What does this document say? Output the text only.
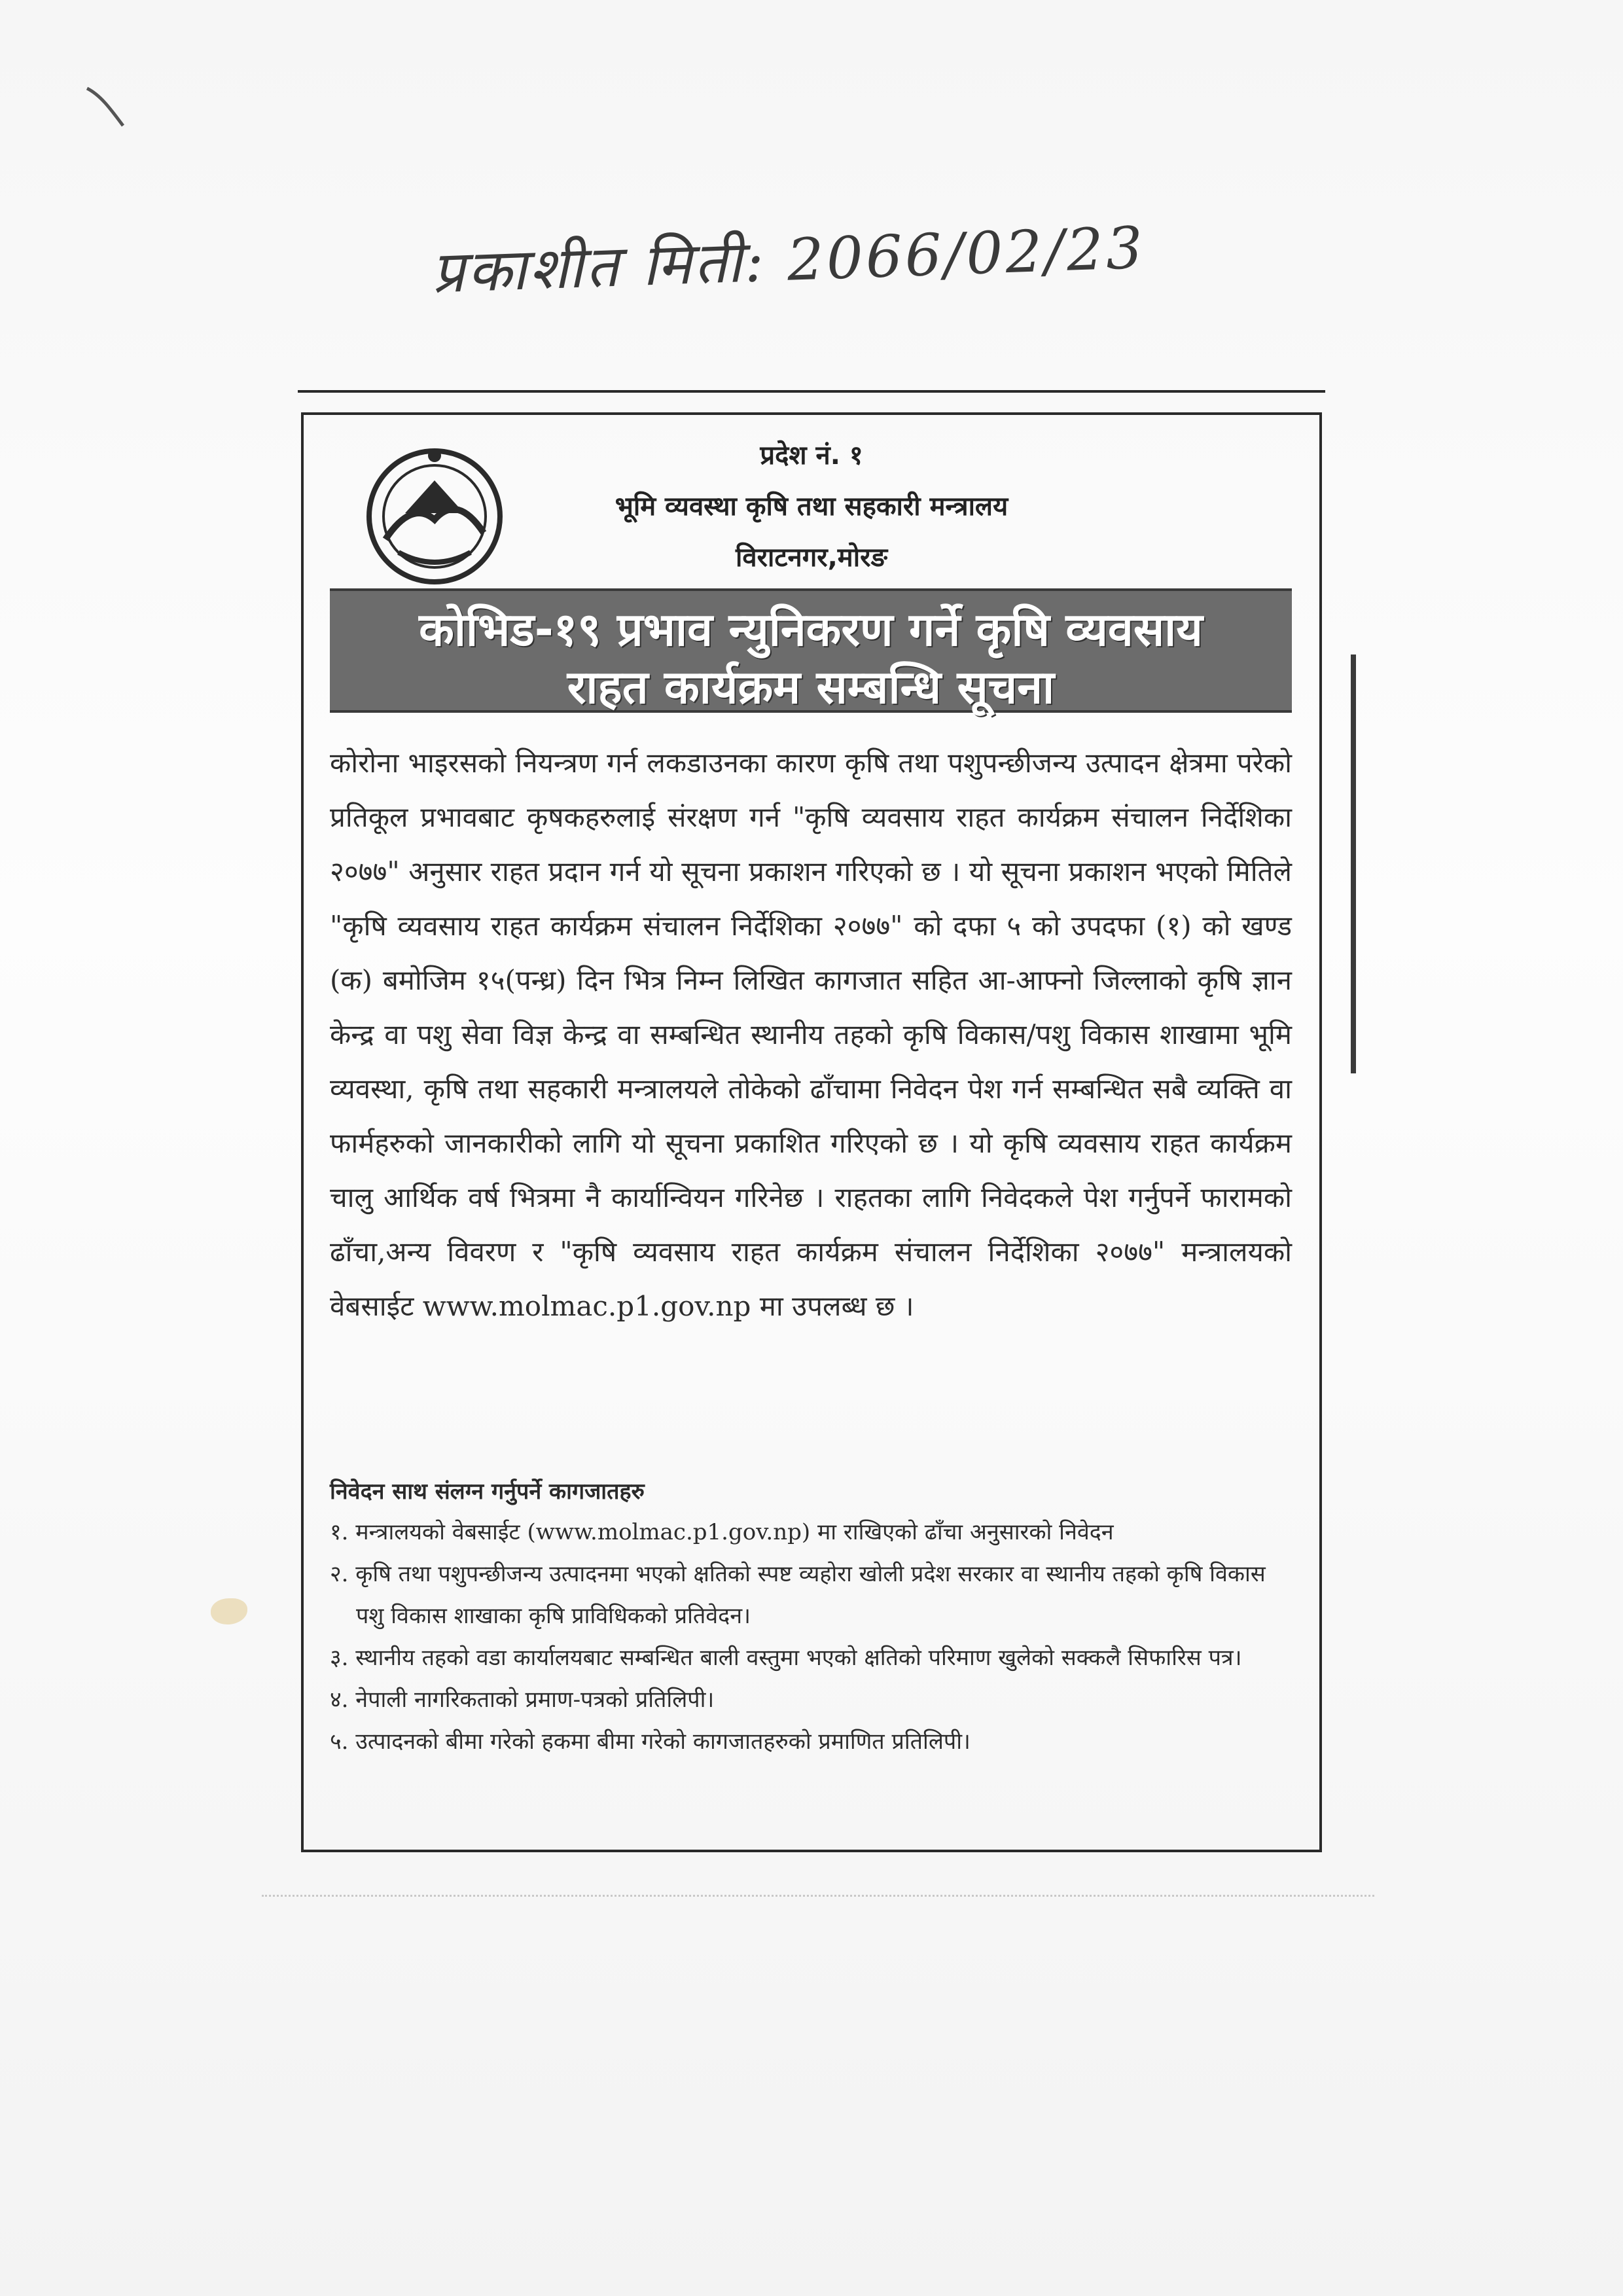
प्रकाशीत मिती: 2066/02/23
प्रदेश नं. १
भूमि व्यवस्था कृषि तथा सहकारी मन्त्रालय
विराटनगर,मोरङ
कोभिड-१९ प्रभाव न्युनिकरण गर्ने कृषि व्यवसाय
राहत कार्यक्रम सम्बन्धि सूचना
कोरोना भाइरसको नियन्त्रण गर्न लकडाउनका कारण कृषि तथा पशुपन्छीजन्य उत्पादन क्षेत्रमा परेको प्रतिकूल प्रभावबाट कृषकहरुलाई संरक्षण गर्न "कृषि व्यवसाय राहत कार्यक्रम संचालन निर्देशिका २०७७" अनुसार राहत प्रदान गर्न यो सूचना प्रकाशन गरिएको छ । यो सूचना प्रकाशन भएको मितिले "कृषि व्यवसाय राहत कार्यक्रम संचालन निर्देशिका २०७७" को दफा ५ को उपदफा (१) को खण्ड (क) बमोजिम १५(पन्ध्र) दिन भित्र निम्न लिखित कागजात सहित आ-आफ्नो जिल्लाको कृषि ज्ञान केन्द्र वा पशु सेवा विज्ञ केन्द्र वा सम्बन्धित स्थानीय तहको कृषि विकास/पशु विकास शाखामा भूमि व्यवस्था, कृषि तथा सहकारी मन्त्रालयले तोकेको ढाँचामा निवेदन पेश गर्न सम्बन्धित सबै व्यक्ति वा फार्महरुको जानकारीको लागि यो सूचना प्रकाशित गरिएको छ । यो कृषि व्यवसाय राहत कार्यक्रम चालु आर्थिक वर्ष भित्रमा नै कार्यान्वियन गरिनेछ । राहतका लागि निवेदकले पेश गर्नुपर्ने फारामको ढाँचा,अन्य विवरण र "कृषि व्यवसाय राहत कार्यक्रम संचालन निर्देशिका २०७७" मन्त्रालयको वेबसाईट www.molmac.p1.gov.np मा उपलब्ध छ ।
निवेदन साथ संलग्न गर्नुपर्ने कागजातहरु
१. मन्त्रालयको वेबसाईट (www.molmac.p1.gov.np) मा राखिएको ढाँचा अनुसारको निवेदन
२. कृषि तथा पशुपन्छीजन्य उत्पादनमा भएको क्षतिको स्पष्ट व्यहोरा खोली प्रदेश सरकार वा स्थानीय तहको कृषि विकास पशु विकास शाखाका कृषि प्राविधिकको प्रतिवेदन।
३. स्थानीय तहको वडा कार्यालयबाट सम्बन्धित बाली वस्तुमा भएको क्षतिको परिमाण खुलेको सक्कलै सिफारिस पत्र।
४. नेपाली नागरिकताको प्रमाण-पत्रको प्रतिलिपी।
५. उत्पादनको बीमा गरेको हकमा बीमा गरेको कागजातहरुको प्रमाणित प्रतिलिपी।
